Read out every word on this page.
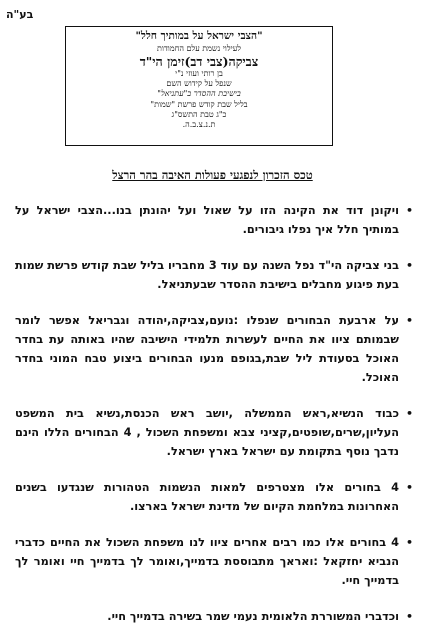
בע"ה
"הצבי ישראל על במותיך חלל"
לעילוי נשמת עלם החמודות
צביקה(צבי דב)זימן הי"ד
בן רותי ועוזי נ"י
שנפל על קידוש השם
בישיבת ההסדר ב"עתניאל"
בליל שבת קודש פרשת "שמות"
כ"ג טבת התשס"ג
ת.נ.צ.ב.ה.
טכס הזכרון לנפגעי פעולות האיבה בהר הרצל
•
ויקונן דוד את הקינה הזו על שאול ועל יהונתן בנו...הצבי ישראל על במותיך חלל איך נפלו גיבורים.
•
בני צביקה הי"ד נפל השנה עם עוד 3 מחבריו בליל שבת קודש פרשת שמות בעת פיגוע מחבלים בישיבת ההסדר שבעתניאל.
•
על ארבעת הבחורים שנפלו :נועם,צביקה,יהודה וגבריאל אפשר לומר שבמותם ציוו את החיים לעשרות תלמידי הישיבה שהיו באותה עת בחדר האוכל בסעודת ליל שבת,בגופם מנעו הבחורים ביצוע טבח המוני בחדר האוכל.
•
כבוד הנשיא,ראש הממשלה ,יושב ראש הכנסת,נשיא בית המשפט העליון,שרים,שופטים,קציני צבא ומשפחת השכול , 4 הבחורים הללו הינם נדבך נוסף בתקומת עם ישראל בארץ ישראל.
•
4 בחורים אלו מצטרפים למאות הנשמות הטהורות שנגדעו בשנים האחרונות במלחמת הקיום של מדינת ישראל בארצו.
•
4 בחורים אלו כמו רבים אחרים ציוו לנו משפחת השכול את החיים כדברי הנביא יחזקאל :וארא‌ך מתבוססת בדמייך,ואומר לך בדמייך חיי ואומר לך בדמייך חיי.
•
וכדברי המשוררת הלאומית נעמי שמר בשירה בדמייך חיי.
